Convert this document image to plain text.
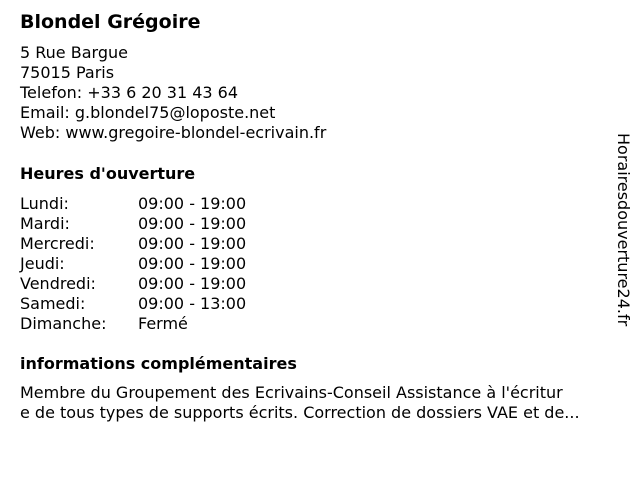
Blondel Grégoire
5 Rue Bargue
75015 Paris
Telefon: +33 6 20 31 43 64
Email: g.blondel75@loposte.net
Web: www.gregoire-blondel-ecrivain.fr
Heures d'ouverture
Lundi:	09:00 - 19:00
Mardi:	09:00 - 19:00
Mercredi:	09:00 - 19:00
Jeudi:	09:00 - 19:00
Vendredi:	09:00 - 19:00
Samedi:	09:00 - 13:00
Dimanche:	Fermé
informations complémentaires
Membre du Groupement des Ecrivains-Conseil Assistance à l'écritur
e de tous types de supports écrits. Correction de dossiers VAE et de...
Horairesdouverture24.fr
